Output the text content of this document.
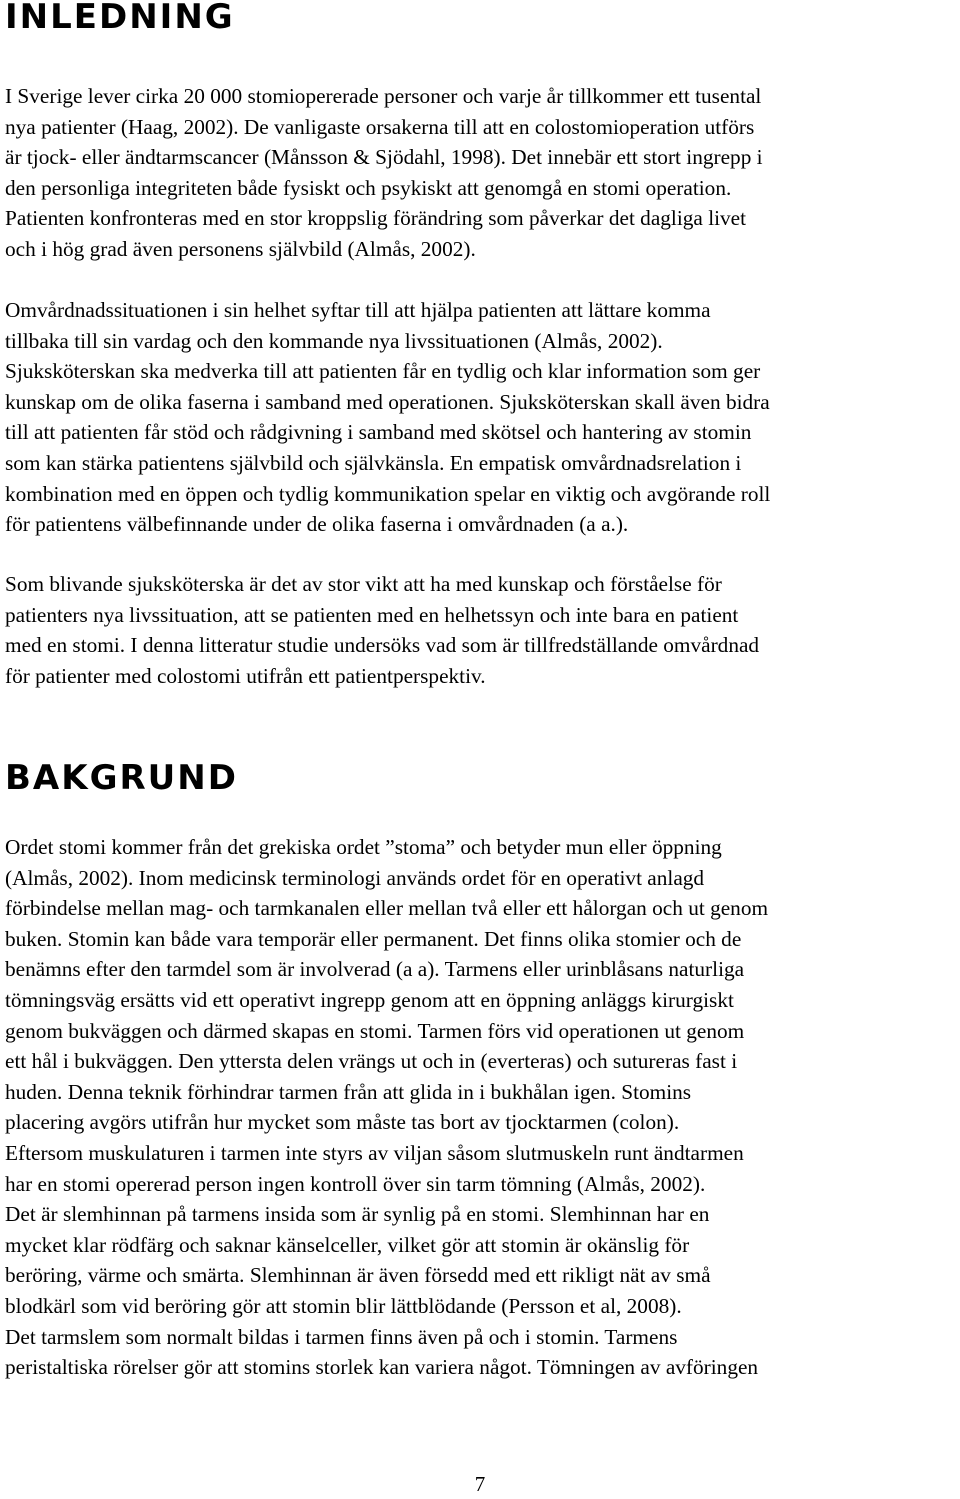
INLEDNING
I Sverige lever cirka 20 000 stomiopererade personer och varje år tillkommer ett tusental
nya patienter (Haag, 2002). De vanligaste orsakerna till att en colostomioperation utförs
är tjock- eller ändtarmscancer (Månsson & Sjödahl, 1998). Det innebär ett stort ingrepp i
den personliga integriteten både fysiskt och psykiskt att genomgå en stomi operation.
Patienten konfronteras med en stor kroppslig förändring som påverkar det dagliga livet
och i hög grad även personens självbild (Almås, 2002).
Omvårdnadssituationen i sin helhet syftar till att hjälpa patienten att lättare komma
tillbaka till sin vardag och den kommande nya livssituationen (Almås, 2002).
Sjuksköterskan ska medverka till att patienten får en tydlig och klar information som ger
kunskap om de olika faserna i samband med operationen. Sjuksköterskan skall även bidra
till att patienten får stöd och rådgivning i samband med skötsel och hantering av stomin
som kan stärka patientens självbild och självkänsla. En empatisk omvårdnadsrelation i
kombination med en öppen och tydlig kommunikation spelar en viktig och avgörande roll
för patientens välbefinnande under de olika faserna i omvårdnaden (a a.).
Som blivande sjuksköterska är det av stor vikt att ha med kunskap och förståelse för
patienters nya livssituation, att se patienten med en helhetssyn och inte bara en patient
med en stomi. I denna litteratur studie undersöks vad som är tillfredställande omvårdnad
för patienter med colostomi utifrån ett patientperspektiv.
BAKGRUND
Ordet stomi kommer från det grekiska ordet ”stoma” och betyder mun eller öppning
(Almås, 2002). Inom medicinsk terminologi används ordet för en operativt anlagd
förbindelse mellan mag- och tarmkanalen eller mellan två eller ett hålorgan och ut genom
buken. Stomin kan både vara temporär eller permanent. Det finns olika stomier och de
benämns efter den tarmdel som är involverad (a a). Tarmens eller urinblåsans naturliga
tömningsväg ersätts vid ett operativt ingrepp genom att en öppning anläggs kirurgiskt
genom bukväggen och därmed skapas en stomi. Tarmen förs vid operationen ut genom
ett hål i bukväggen. Den yttersta delen vrängs ut och in (everteras) och sutureras fast i
huden. Denna teknik förhindrar tarmen från att glida in i bukhålan igen. Stomins
placering avgörs utifrån hur mycket som måste tas bort av tjocktarmen (colon).
Eftersom muskulaturen i tarmen inte styrs av viljan såsom slutmuskeln runt ändtarmen
har en stomi opererad person ingen kontroll över sin tarm tömning (Almås, 2002).
Det är slemhinnan på tarmens insida som är synlig på en stomi. Slemhinnan har en
mycket klar rödfärg och saknar känselceller, vilket gör att stomin är okänslig för
beröring, värme och smärta. Slemhinnan är även försedd med ett rikligt nät av små
blodkärl som vid beröring gör att stomin blir lättblödande (Persson et al, 2008).
Det tarmslem som normalt bildas i tarmen finns även på och i stomin. Tarmens
peristaltiska rörelser gör att stomins storlek kan variera något. Tömningen av avföringen
7
